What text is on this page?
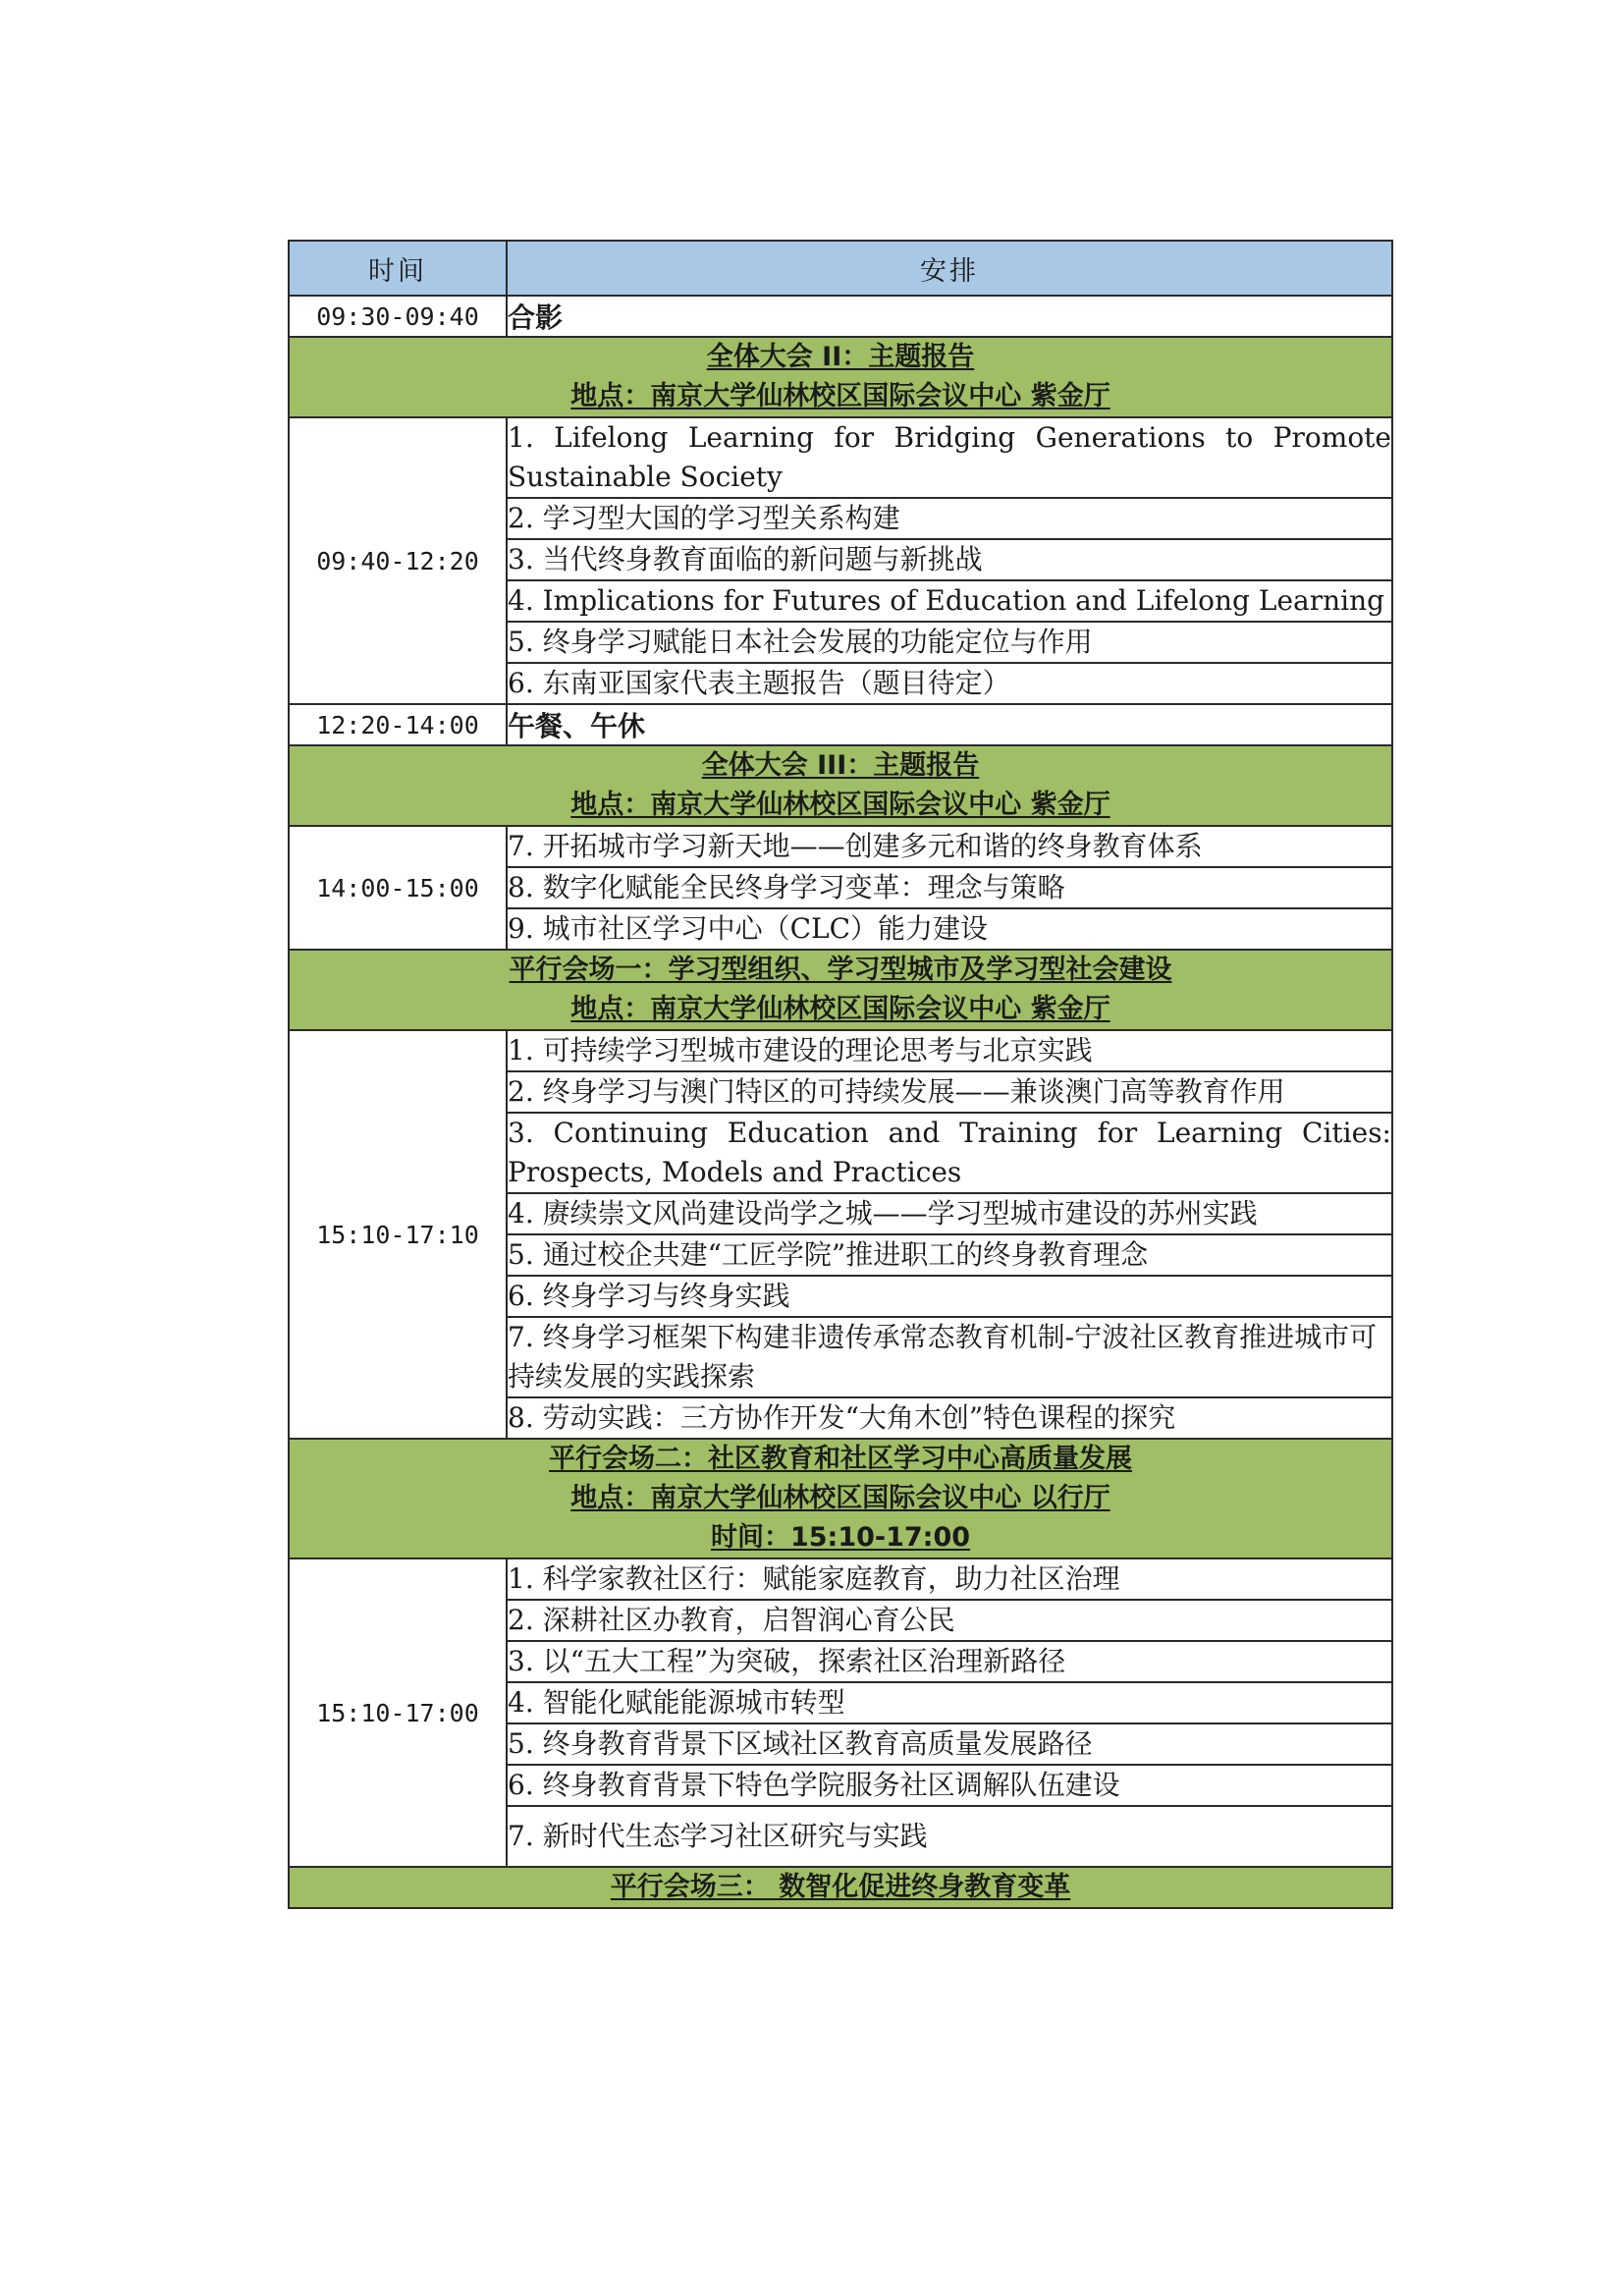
时间	安排
09:30-09:40	合影

全体大会 II：主题报告
地点：南京大学仙林校区国际会议中心 紫金厅	

09:40-12:20	1. Lifelong Learning for Bridging Generations to Promote Sustainable Society
	2. 学习型大国的学习型关系构建
	3. 当代终身教育面临的新问题与新挑战
	4. Implications for Futures of Education and Lifelong Learning
	5. 终身学习赋能日本社会发展的功能定位与作用
	6. 东南亚国家代表主题报告（题目待定）
12:20-14:00	午餐、午休

全体大会 III：主题报告
地点：南京大学仙林校区国际会议中心 紫金厅	

14:00-15:00	7. 开拓城市学习新天地——创建多元和谐的终身教育体系
	8. 数字化赋能全民终身学习变革：理念与策略
	9. 城市社区学习中心（CLC）能力建设

平行会场一：学习型组织、学习型城市及学习型社会建设
地点：南京大学仙林校区国际会议中心 紫金厅	

15:10-17:10	1. 可持续学习型城市建设的理论思考与北京实践
	2. 终身学习与澳门特区的可持续发展——兼谈澳门高等教育作用
	3. Continuing Education and Training for Learning Cities: Prospects, Models and Practices
	4. 赓续崇文风尚建设尚学之城——学习型城市建设的苏州实践
	5. 通过校企共建“工匠学院”推进职工的终身教育理念
	6. 终身学习与终身实践
	7. 终身学习框架下构建非遗传承常态教育机制-宁波社区教育推进城市可持续发展的实践探索
	8. 劳动实践：三方协作开发“大角木创”特色课程的探究

平行会场二：社区教育和社区学习中心高质量发展
地点：南京大学仙林校区国际会议中心 以行厅
时间：15:10-17:00	

15:10-17:00	1. 科学家教社区行：赋能家庭教育，助力社区治理
	2. 深耕社区办教育，启智润心育公民
	3. 以“五大工程”为突破，探索社区治理新路径
	4. 智能化赋能能源城市转型
	5. 终身教育背景下区域社区教育高质量发展路径
	6. 终身教育背景下特色学院服务社区调解队伍建设
	7. 新时代生态学习社区研究与实践

平行会场三： 数智化促进终身教育变革	
